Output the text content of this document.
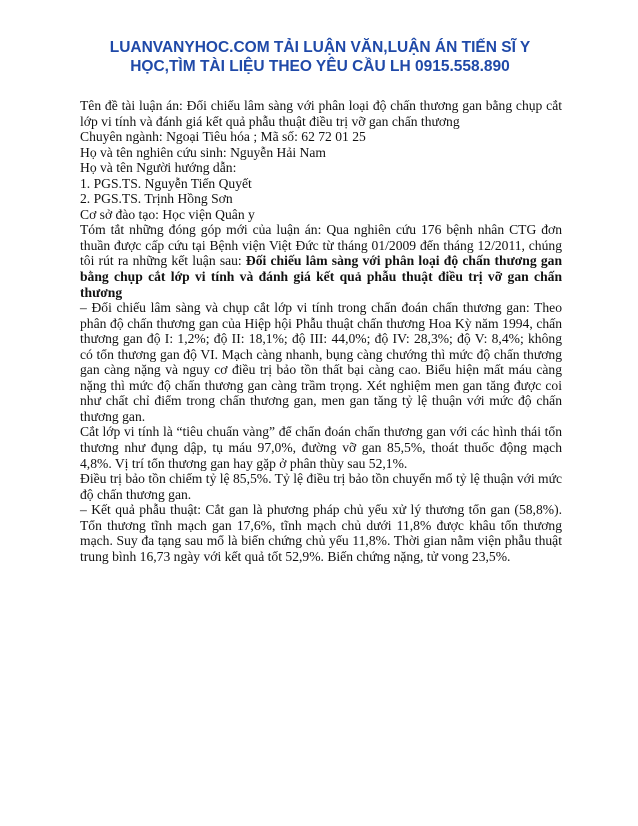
LUANVANYHOC.COM TẢI LUẬN VĂN,LUẬN ÁN TIẾN SĨ Y
HỌC,TÌM TÀI LIỆU THEO YÊU CẦU LH 0915.558.890

Tên đề tài luận án: Đối chiếu lâm sàng với phân loại độ chấn thương gan bằng chụp cắt lớp vi tính và đánh giá kết quả phẫu thuật điều trị vỡ gan chấn thương

Chuyên ngành: Ngoại Tiêu hóa ; Mã số: 62 72 01 25

Họ và tên nghiên cứu sinh: Nguyễn Hải Nam

Họ và tên Người hướng dẫn:

1. PGS.TS. Nguyễn Tiến Quyết

2. PGS.TS. Trịnh Hồng Sơn

Cơ sở đào tạo: Học viện Quân y

Tóm tắt những đóng góp mới của luận án: Qua nghiên cứu 176 bệnh nhân CTG đơn thuần được cấp cứu tại Bệnh viện Việt Đức từ tháng 01/2009 đến tháng 12/2011, chúng tôi rút ra những kết luận sau: Đối chiếu lâm sàng với phân loại độ chấn thương gan bằng chụp cắt lớp vi tính và đánh giá kết quả phẫu thuật điều trị vỡ gan chấn thương

– Đối chiếu lâm sàng và chụp cắt lớp vi tính trong chẩn đoán chấn thương gan: Theo phân độ chấn thương gan của Hiệp hội Phẫu thuật chấn thương Hoa Kỳ năm 1994, chấn thương gan độ I: 1,2%; độ II: 18,1%; độ III: 44,0%; độ IV: 28,3%; độ V: 8,4%; không có tổn thương gan độ VI. Mạch càng nhanh, bụng càng chướng thì mức độ chấn thương gan càng nặng và nguy cơ điều trị bảo tồn thất bại càng cao. Biểu hiện mất máu càng nặng thì mức độ chấn thương gan càng trầm trọng. Xét nghiệm men gan tăng được coi như chất chỉ điểm trong chấn thương gan, men gan tăng tỷ lệ thuận với mức độ chấn thương gan.

Cắt lớp vi tính là “tiêu chuẩn vàng” để chẩn đoán chấn thương gan với các hình thái tổn thương như đụng dập, tụ máu 97,0%, đường vỡ gan 85,5%, thoát thuốc động mạch 4,8%. Vị trí tổn thương gan hay gặp ở phân thùy sau 52,1%.

Điều trị bảo tồn chiếm tỷ lệ 85,5%. Tỷ lệ điều trị bảo tồn chuyển mổ tỷ lệ thuận với mức độ chấn thương gan.

– Kết quả phẫu thuật: Cắt gan là phương pháp chủ yếu xử lý thương tổn gan (58,8%). Tổn thương tĩnh mạch gan 17,6%, tĩnh mạch chủ dưới 11,8% được khâu tổn thương mạch. Suy đa tạng sau mổ là biến chứng chủ yếu 11,8%. Thời gian nằm viện phẫu thuật trung bình 16,73 ngày với kết quả tốt 52,9%. Biến chứng nặng, tử vong 23,5%.
